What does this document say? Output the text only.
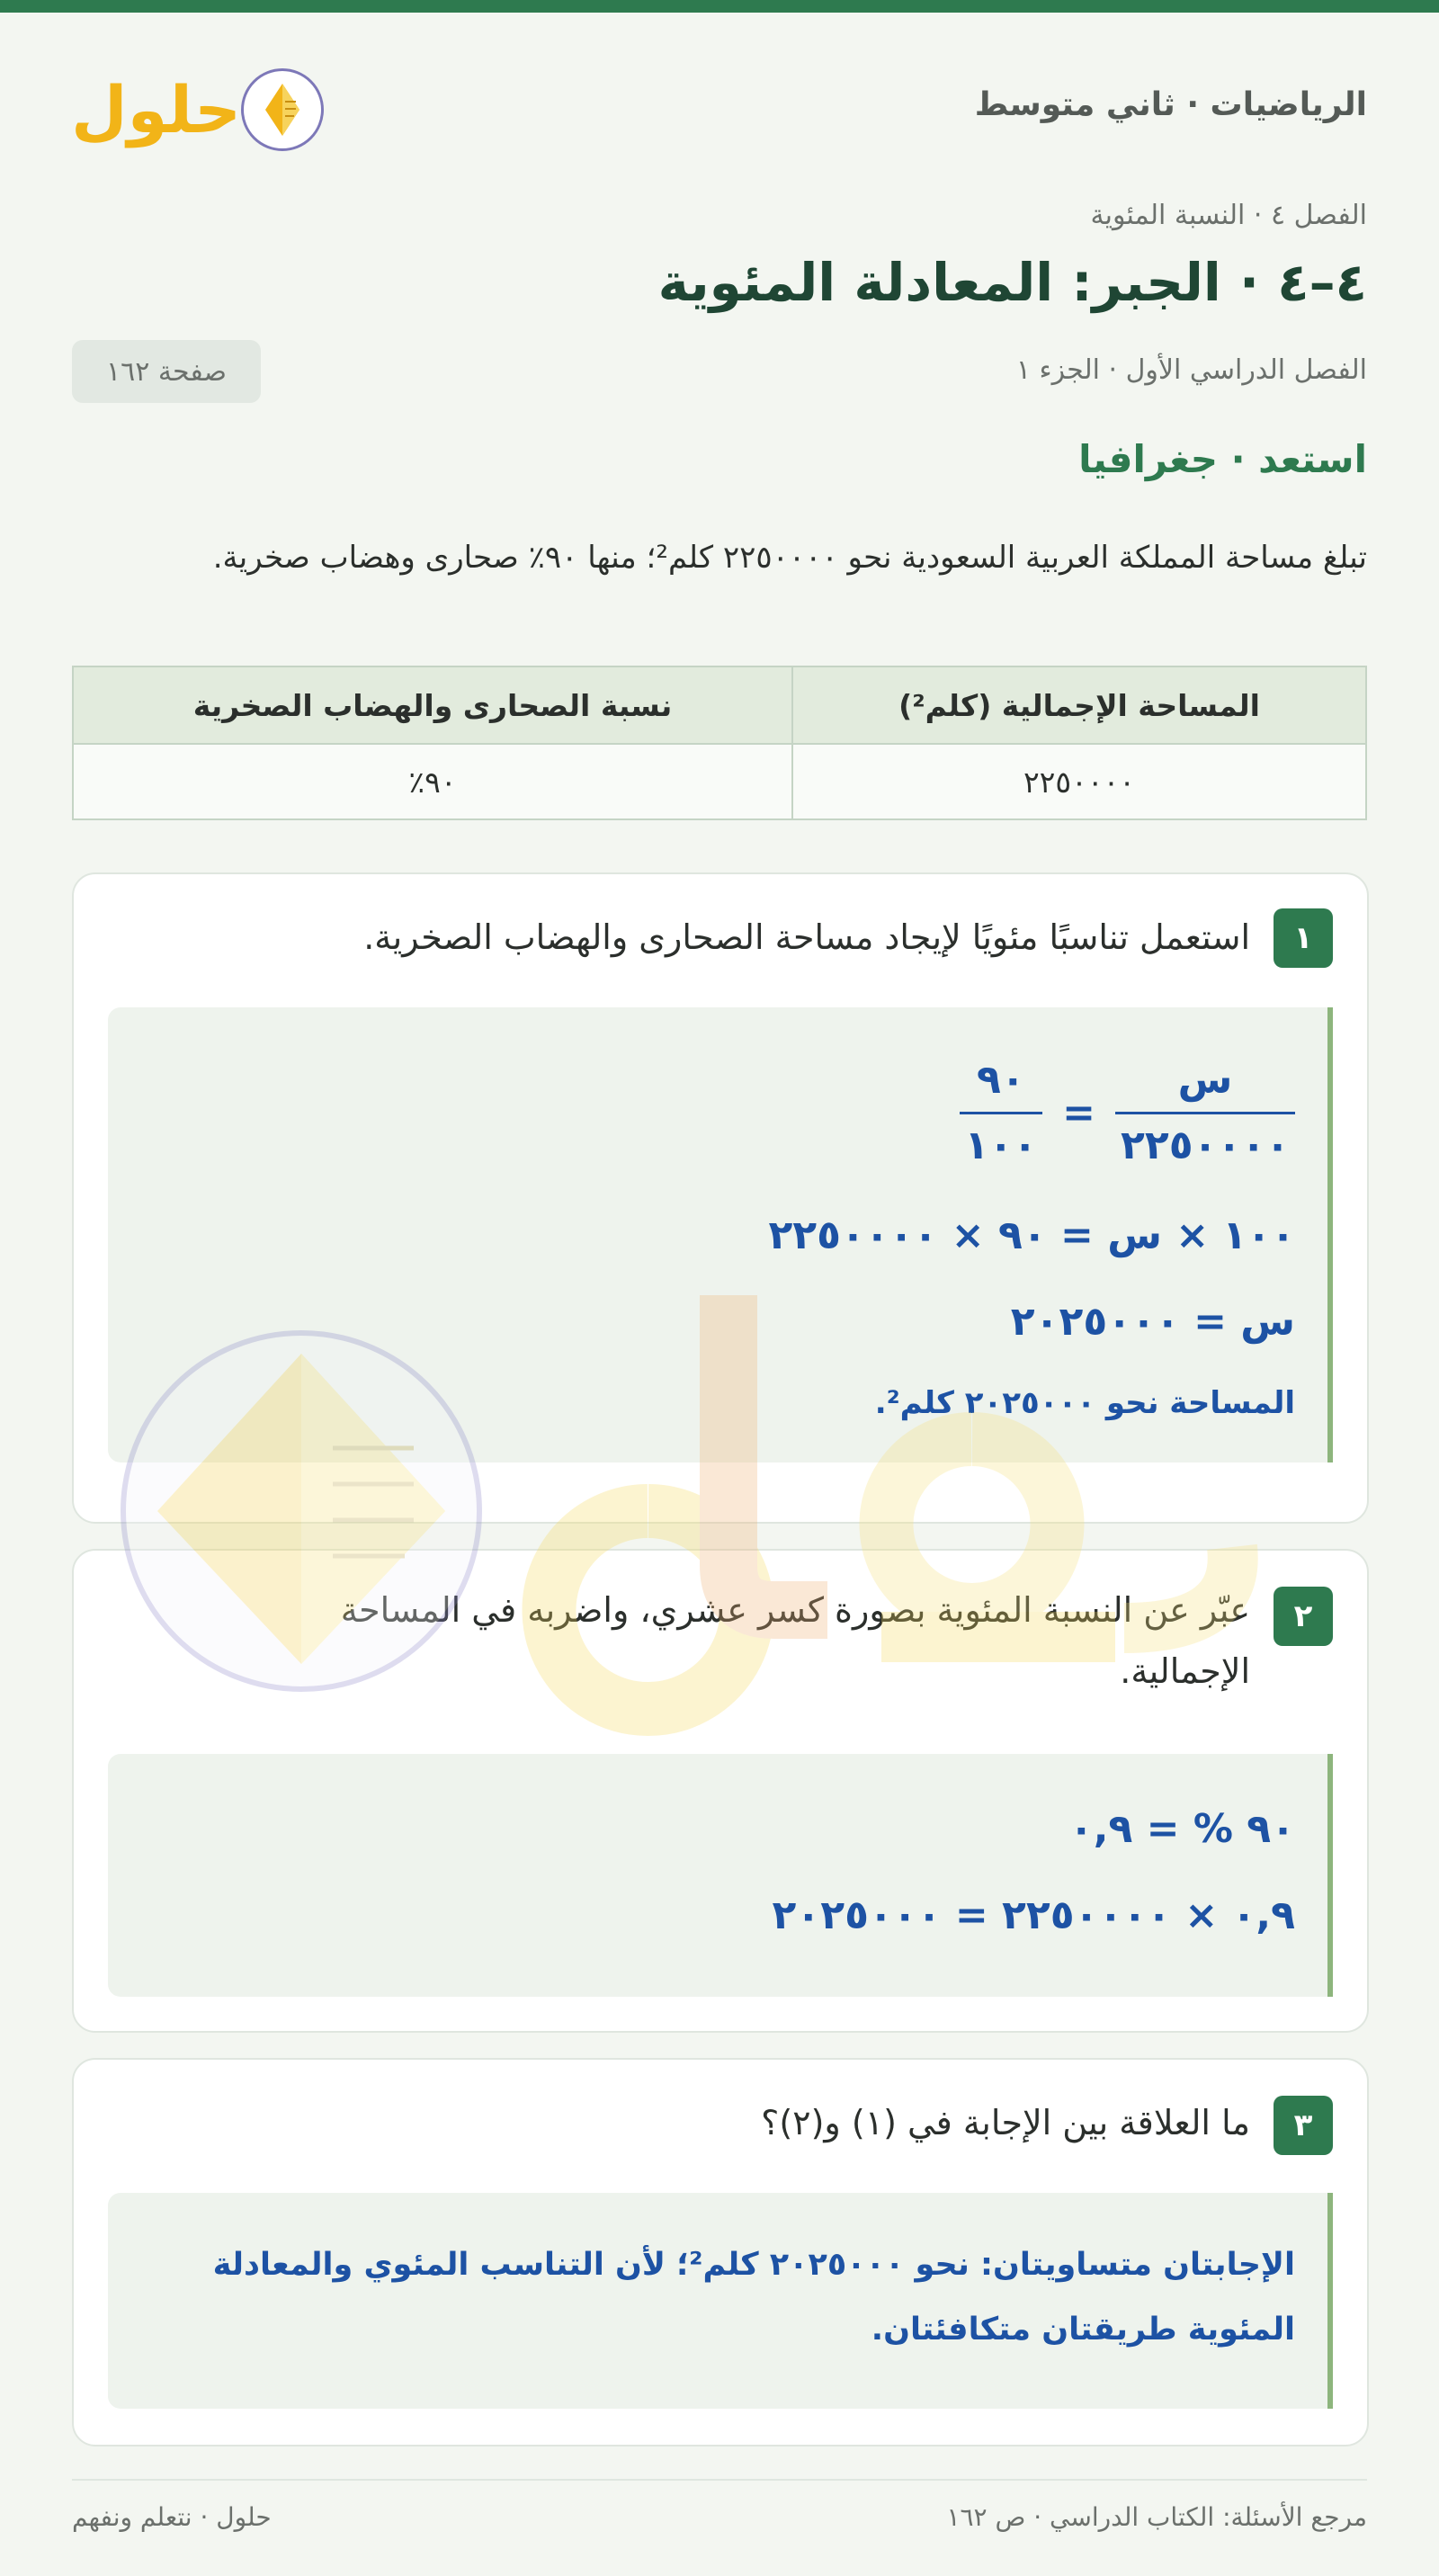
حلول	الرياضيات · ثاني متوسط
الفصل ٤ · النسبة المئوية
٤–٤ · الجبر: المعادلة المئوية
الفصل الدراسي الأول · الجزء ١
صفحة ١٦٢
استعد · جغرافيا
تبلغ مساحة المملكة العربية السعودية نحو ٢٢٥٠٠٠٠ كلم²؛ منها ٩٠٪ صحارى وهضاب صخرية.
المساحة الإجمالية (كلم²)	نسبة الصحارى والهضاب الصخرية
٢٢٥٠٠٠٠	٩٠٪
١
استعمل تناسبًا مئويًا لإيجاد مساحة الصحارى والهضاب الصخرية.
$\frac{\text{س}}{٢٢٥٠٠٠٠}$
=
$\frac{٩٠}{١٠٠}$
١٠٠ × س = ٩٠ × ٢٢٥٠٠٠٠
س = ٢٠٢٥٠٠٠
المساحة نحو ٢٠٢٥٠٠٠ كلم².
٢
عبّر عن النسبة المئوية بصورة كسر عشري، واضربه في المساحة الإجمالية.
٩٠ % = ٠,٩
٠,٩ × ٢٢٥٠٠٠٠ = ٢٠٢٥٠٠٠
٣
ما العلاقة بين الإجابة في (١) و(٢)؟
الإجابتان متساويتان: نحو ٢٠٢٥٠٠٠ كلم²؛ لأن التناسب المئوي والمعادلة المئوية طريقتان متكافئتان.
مرجع الأسئلة: الكتاب الدراسي · ص ١٦٢
حلول · نتعلم ونفهم
